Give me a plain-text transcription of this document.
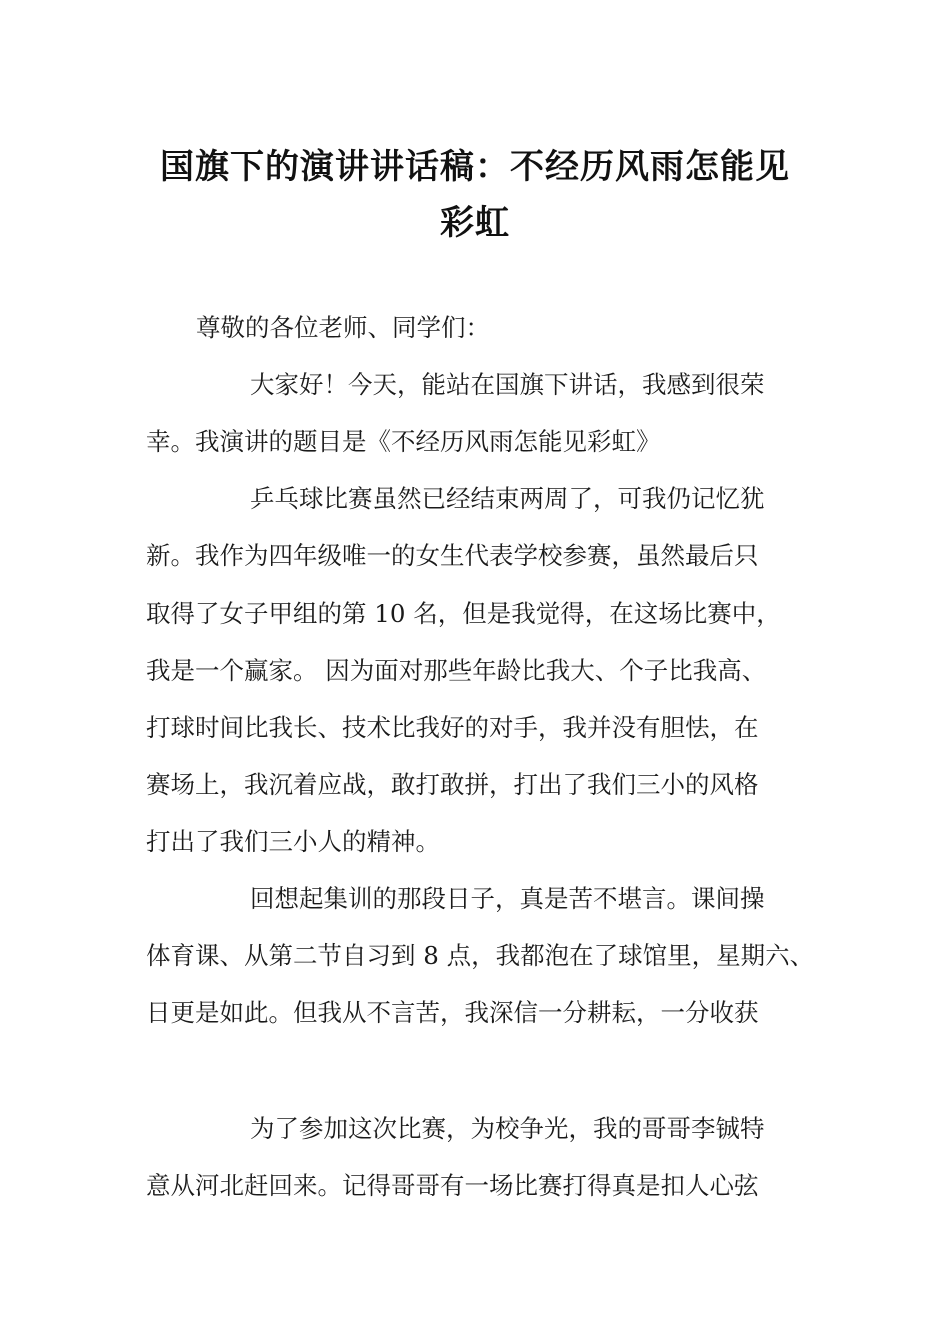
国旗下的演讲讲话稿：不经历风雨怎能见
彩虹
尊敬的各位老师、同学们：
大家好！今天，能站在国旗下讲话，我感到很荣
幸。我演讲的题目是《不经历风雨怎能见彩虹》
乒乓球比赛虽然已经结束两周了，可我仍记忆犹
新。我作为四年级唯一的女生代表学校参赛，虽然最后只
取得了女子甲组的第 10 名，但是我觉得，在这场比赛中，
我是一个赢家。 因为面对那些年龄比我大、个子比我高、
打球时间比我长、技术比我好的对手，我并没有胆怯，在
赛场上，我沉着应战，敢打敢拼，打出了我们三小的风格
打出了我们三小人的精神。
回想起集训的那段日子，真是苦不堪言。课间操
体育课、从第二节自习到 8 点，我都泡在了球馆里，星期六、
日更是如此。但我从不言苦，我深信一分耕耘，一分收获
为了参加这次比赛，为校争光，我的哥哥李铖特
意从河北赶回来。记得哥哥有一场比赛打得真是扣人心弦
